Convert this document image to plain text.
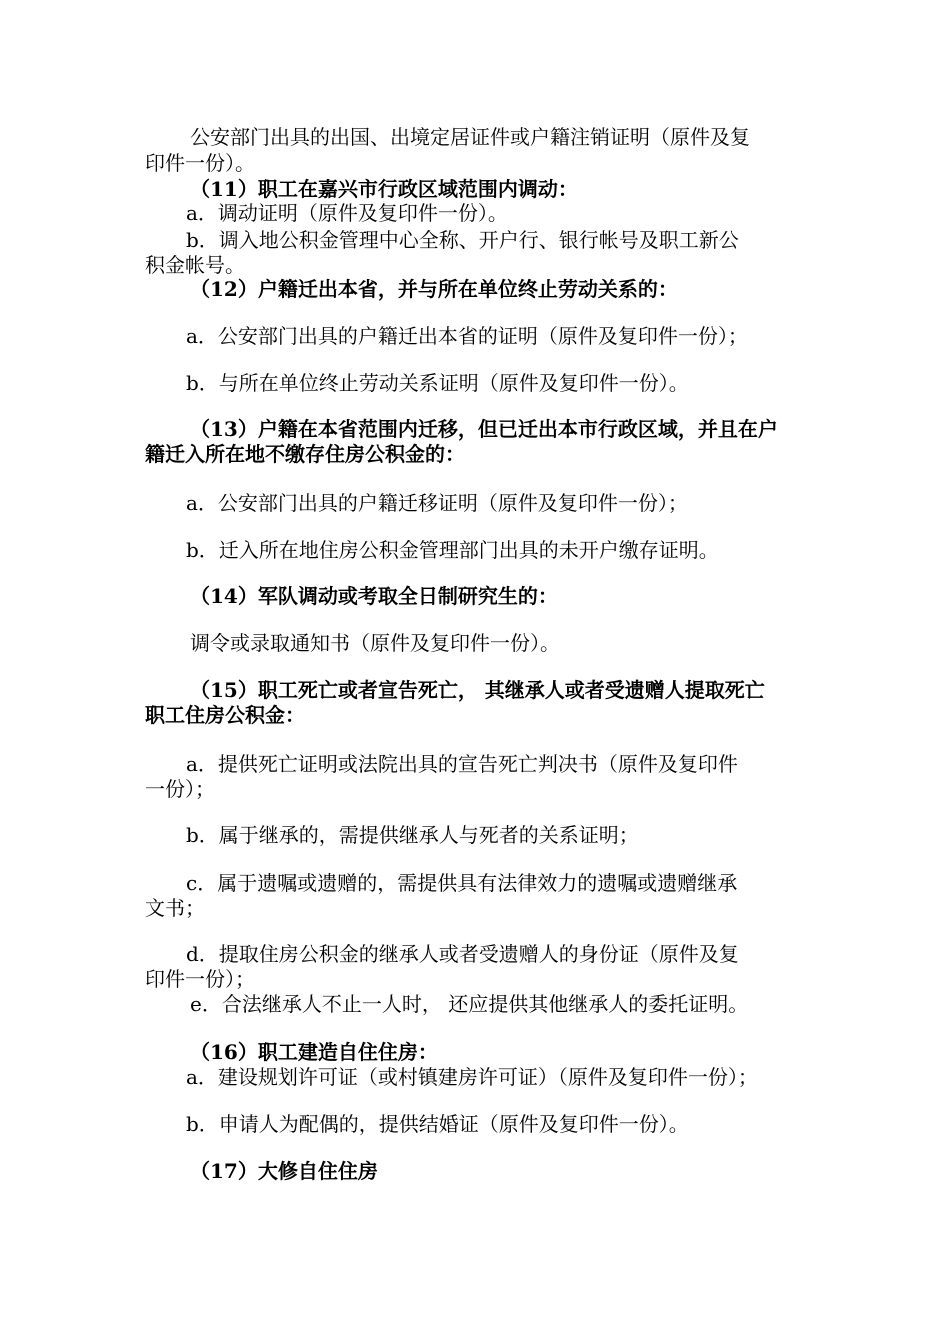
公安部门出具的出国、出境定居证件或户籍注销证明（原件及复
印件一份）。
（11）职工在嘉兴市行政区域范围内调动：
a．调动证明（原件及复印件一份）。
b．调入地公积金管理中心全称、开户行、银行帐号及职工新公
积金帐号。
（12）户籍迁出本省，并与所在单位终止劳动关系的：
a．公安部门出具的户籍迁出本省的证明（原件及复印件一份）；
b．与所在单位终止劳动关系证明（原件及复印件一份）。
（13）户籍在本省范围内迁移，但已迁出本市行政区域，并且在户
籍迁入所在地不缴存住房公积金的：
a．公安部门出具的户籍迁移证明（原件及复印件一份）；
b．迁入所在地住房公积金管理部门出具的未开户缴存证明。
（14）军队调动或考取全日制研究生的：
调令或录取通知书（原件及复印件一份）。
（15）职工死亡或者宣告死亡， 其继承人或者受遗赠人提取死亡
职工住房公积金：
a．提供死亡证明或法院出具的宣告死亡判决书（原件及复印件
一份）；
b．属于继承的，需提供继承人与死者的关系证明；
c．属于遗嘱或遗赠的，需提供具有法律效力的遗嘱或遗赠继承
文书；
d．提取住房公积金的继承人或者受遗赠人的身份证（原件及复
印件一份）；
e．合法继承人不止一人时， 还应提供其他继承人的委托证明。
（16）职工建造自住住房：
a．建设规划许可证（或村镇建房许可证）（原件及复印件一份）；
b．申请人为配偶的，提供结婚证（原件及复印件一份）。
（17）大修自住住房
